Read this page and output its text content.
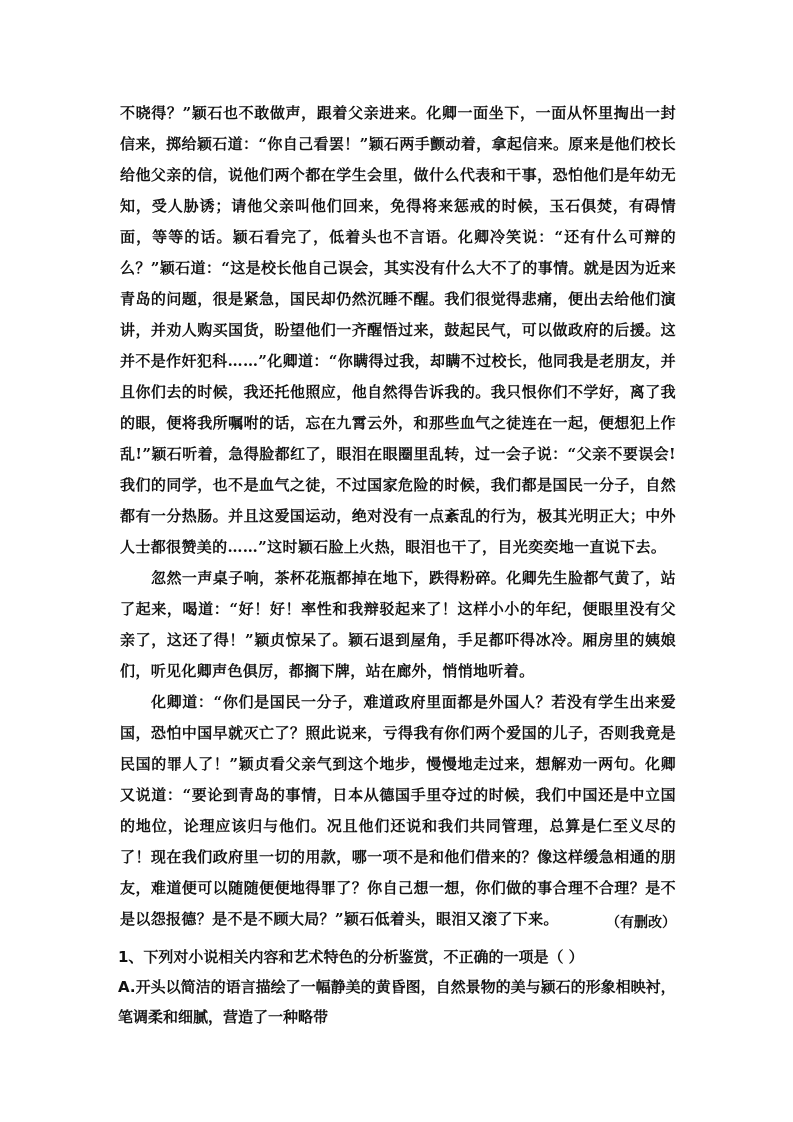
不晓得？”颖石也不敢做声，跟着父亲进来。化卿一面坐下，一面从怀里掏出一封信来，掷给颖石道：“你自己看罢！”颖石两手颤动着，拿起信来。原来是他们校长给他父亲的信，说他们两个都在学生会里，做什么代表和干事，恐怕他们是年幼无知，受人胁诱；请他父亲叫他们回来，免得将来惩戒的时候，玉石俱焚，有碍情面，等等的话。颖石看完了，低着头也不言语。化卿冷笑说：“还有什么可辩的么？”颖石道：“这是校长他自己误会，其实没有什么大不了的事情。就是因为近来青岛的问题，很是紧急，国民却仍然沉睡不醒。我们很觉得悲痛，便出去给他们演讲，并劝人购买国货，盼望他们一齐醒悟过来，鼓起民气，可以做政府的后援。这并不是作奸犯科……”化卿道：“你瞒得过我，却瞒不过校长，他同我是老朋友，并且你们去的时候，我还托他照应，他自然得告诉我的。我只恨你们不学好，离了我的眼，便将我所嘱咐的话，忘在九霄云外，和那些血气之徒连在一起，便想犯上作乱!”颖石听着，急得脸都红了，眼泪在眼圈里乱转，过一会子说：“父亲不要误会!我们的同学，也不是血气之徒，不过国家危险的时候，我们都是国民一分子，自然都有一分热肠。并且这爱国运动，绝对没有一点紊乱的行为，极其光明正大；中外人士都很赞美的……”这时颖石脸上火热，眼泪也干了，目光奕奕地一直说下去。

忽然一声桌子响，茶杯花瓶都掉在地下，跌得粉碎。化卿先生脸都气黄了，站了起来，喝道：“好！好！率性和我辩驳起来了！这样小小的年纪，便眼里没有父亲了，这还了得！”颖贞惊呆了。颖石退到屋角，手足都吓得冰冷。厢房里的姨娘们，听见化卿声色俱厉，都搁下牌，站在廊外，悄悄地听着。

化卿道：“你们是国民一分子，难道政府里面都是外国人？若没有学生出来爱国，恐怕中国早就灭亡了？照此说来，亏得我有你们两个爱国的儿子，否则我竟是民国的罪人了！”颖贞看父亲气到这个地步，慢慢地走过来，想解劝一两句。化卿又说道：“要论到青岛的事情，日本从德国手里夺过的时候，我们中国还是中立国的地位，论理应该归与他们。况且他们还说和我们共同管理，总算是仁至义尽的了！现在我们政府里一切的用款，哪一项不是和他们借来的？像这样缓急相通的朋友，难道便可以随随便便地得罪了？你自己想一想，你们做的事合理不合理？是不是以怨报德？是不是不顾大局？”颖石低着头，眼泪又滚了下来。	（有删改）

1、下列对小说相关内容和艺术特色的分析鉴赏，不正确的一项是（ ）

A.开头以简洁的语言描绘了一幅静美的黄昏图，自然景物的美与颍石的形象相映衬，笔调柔和细腻，营造了一种略带
